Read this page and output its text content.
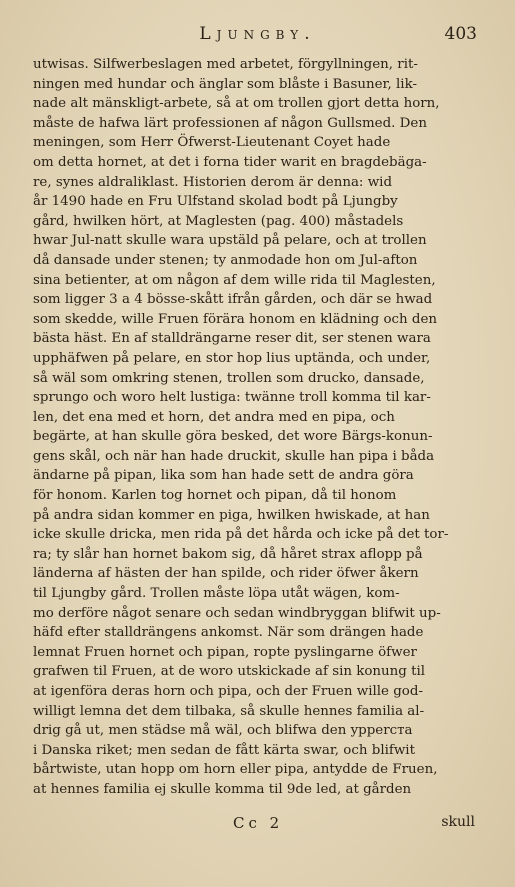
Ljungby.	403
utwisas. Silfwerbeslagen med arbetet, förgyllningen, rit-
ningen med hundar och änglar som blåste i Basuner, lik-
nade alt mänskligt-arbete, så at om trollen gjort detta horn,
måste de hafwa lärt professionen af någon Gullsmed. Den
meningen, som Herr Öfwerst-Lieutenant Coyet hade
om detta hornet, at det i forna tider warit en bragdebäga-
re, synes aldraliklast. Historien derom är denna: wid
år 1490 hade en Fru Ulfstand skolad bodt på Ljungby
gård, hwilken hört, at Maglesten (pag. 400) måstadels
hwar Jul-natt skulle wara upstäld på pelare, och at trollen
då dansade under stenen; ty anmodade hon om Jul-afton
sina betienter, at om någon af dem wille rida til Maglesten,
som ligger 3 a 4 bössе-skått ifrån gården, och där se hwad
som skedde, wille Fruen förära honom en klädning och den
bästa häst. En af stalldrängarne reser dit, ser stenen wara
upphäfwen på pelare, en stor hop lius uptända, och under,
så wäl som omkring stenen, trollen som drucko, dansade,
sprungo och woro helt lustiga: twänne troll komma til kar-
len, det ena med et horn, det andra med en pipa, och
begärte, at han skulle göra besked, det wore Bärgs-konun-
gens skål, och när han hade druckit, skulle han pipa i båda
ändarne på pipan, lika som han hade sett de andra göra
för honom. Karlen tog hornet och pipan, då til honom
på andra sidan kommer en piga, hwilken hwiskade, at han
icke skulle dricka, men rida på det hårda och icke på det tor-
ra; ty slår han hornet bakom sig, då håret strax aflopp på
länderna af hästen der han spilde, och rider öfwer åkern
til Ljungby gård. Trollen måste löpa utåt wägen, kom-
mo derföre något senare och sedan windbryggan blifwit up-
häfd efter stalldrängens ankomst. När som drängen hade
lemnat Fruen hornet och pipan, ropte pyslingarne öfwer
grafwen til Fruen, at de woro utskickade af sin konung til
at igenföra deras horn och pipa, och der Fruen wille god-
willigt lemna det dem tilbaka, så skulle hennes familia al-
drig gå ut, men städse må wäl, och blifwa den ypperста
i Danska riket; men sedan de fått kärta swar, och blifwit
bårtwiste, utan hopp om horn eller pipa, antydde de Fruen,
at hennes familia ej skulle komma til 9de led, at gården
Cc 2	skull
